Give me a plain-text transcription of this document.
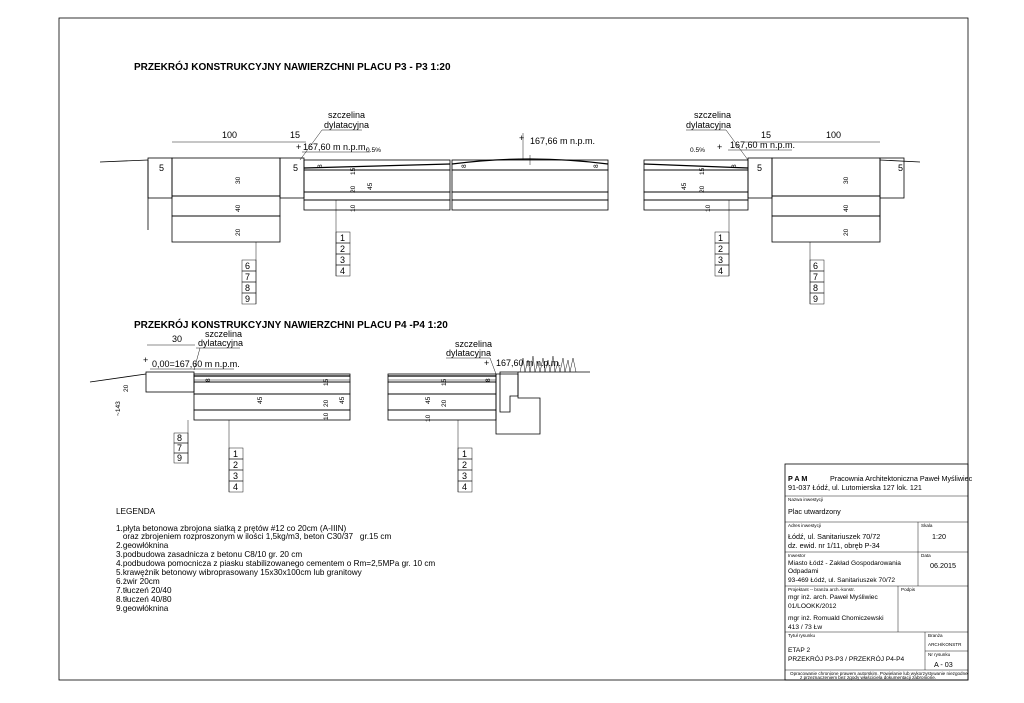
PRZEKRÓJ KONSTRUKCYJNY NAWIERZCHNI PLACU P3 - P3 1:20
5	5
30
40
20
8
15
20
10
45
100	15
szczelina
dylatacyjna
+ 167,60 m n.p.m.
0.5%
8	8
+ 167,66 m n.p.m.
5	5
30
40
20
8
45
15
20
10
15	100
szczelina
dylatacyjna
+ 167,60 m n.p.m.
0.5%
1
2
3
4
6
7
8
9
1
2
3
4	6
7
8
9
PRZEKRÓJ KONSTRUKCYJNY NAWIERZCHNI PLACU P4 -P4 1:20
szczelina
dylatacyjna
30
+ 0,00=167,60 m n.p.m.
20
~143
8
45
15
20
10
45
8
7
9	1
2
3
4
szczelina
dylatacyjna
+ 167,60 m n.p.m.
8
45
15
20
10
1
2
3
4
LEGENDA
1.płyta betonowa zbrojona siatką z prętów #12 co 20cm (A-IIIN)
oraz zbrojeniem rozproszonym w ilości 1,5kg/m3, beton C30/37   gr.15 cm
2.geowłóknina
3.podbudowa zasadnicza z betonu C8/10 gr. 20 cm
4.podbudowa pomocnicza z piasku stabilizowanego cementem o Rm=2,5MPa gr. 10 cm
5.krawężnik betonowy wibroprasowany 15x30x100cm lub granitowy
6.żwir 20cm
7.tłuczeń 20/40
8.tłuczeń 40/80
9.geowłóknina
P A M	Pracownia Architektoniczna Paweł Myśliwiec
91-037 Łódź, ul. Lutomierska 127 lok. 121
Nazwa inwestycji
Plac utwardzony
Adres inwestycji
Łódź, ul. Sanitariuszek 70/72
dz. ewid. nr 1/11, obręb P-34
Skala
1:20
Inwestor
Miasto Łódź - Zakład Gospodarowania
Odpadami
93-469 Łódź, ul. Sanitariuszek 70/72
Data
06.2015
Projektant -- branża arch.-konstr.	Podpis
mgr inż. arch. Paweł Myśliwiec
01/LOOKK/2012
mgr inż. Romuald Chomiczewski
413 / 73 Łw
Tytuł rysunku
ETAP 2
PRZEKRÓJ P3-P3 / PRZEKRÓJ P4-P4
Branża
ARCH/KONSTR
Nr rysunku
A - 03
Opracowanie chronione prawem autorskim. Powielanie lub wykorzystywanie niezgodne
z przeznaczeniem bez zgody właściciela dokumentacji zabronione.
